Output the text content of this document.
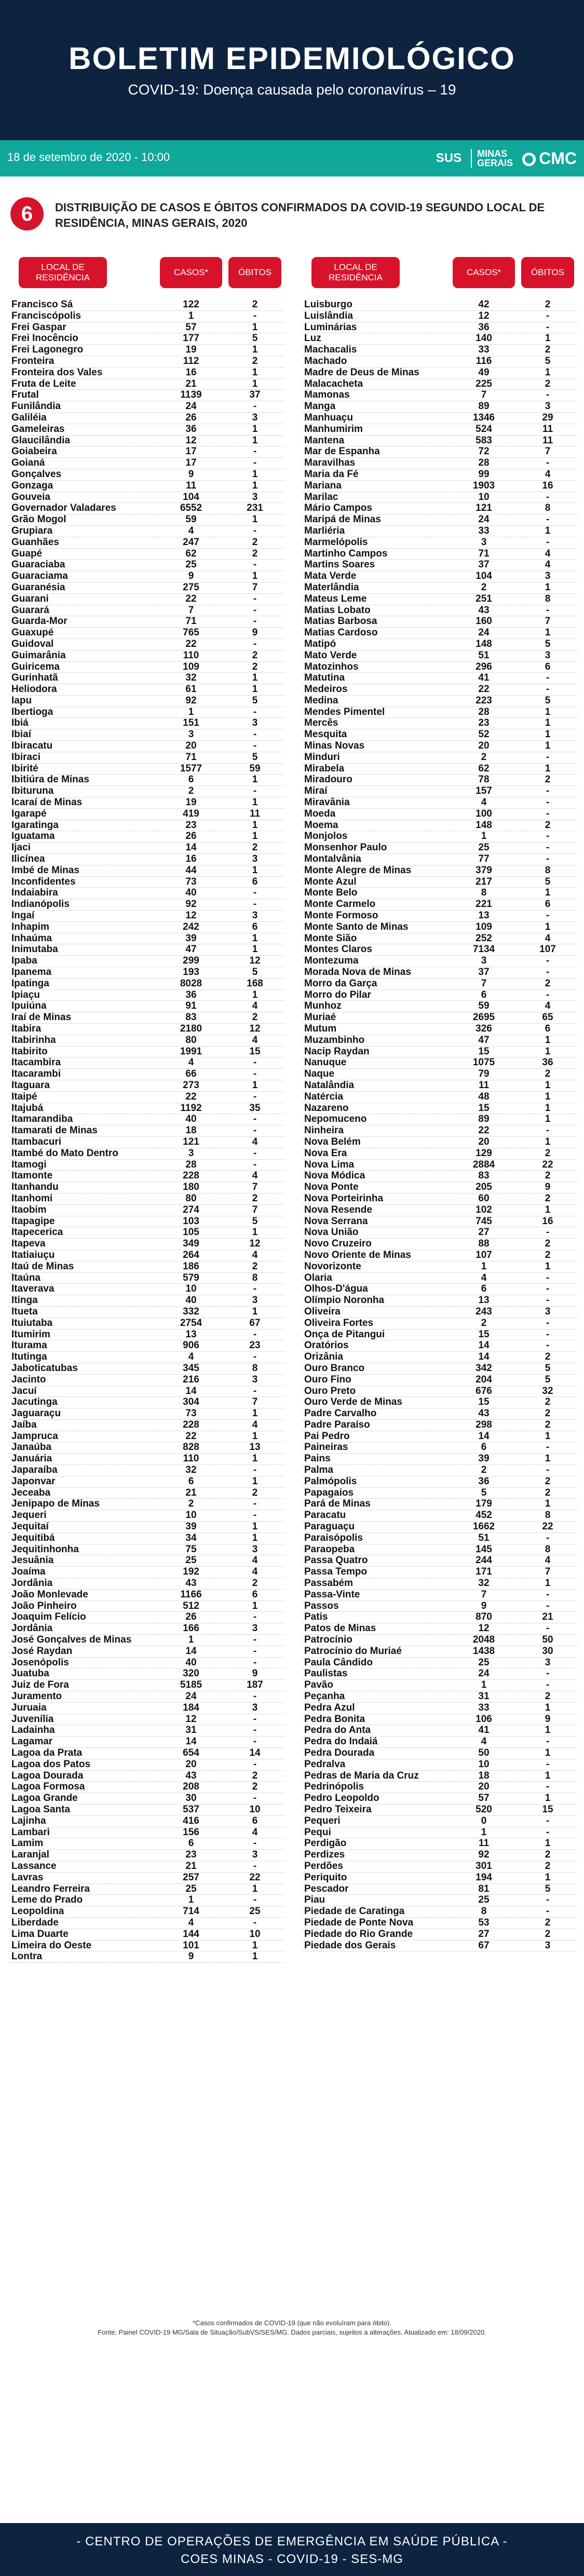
BOLETIM EPIDEMIOLÓGICO
COVID-19: Doença causada pelo coronavírus – 19
18 de setembro de 2020 - 10:00	SUS	MINAS
GERAIS	CMC
6	DISTRIBUIÇÃO DE CASOS E ÓBITOS CONFIRMADOS DA COVID-19 SEGUNDO LOCAL DE RESIDÊNCIA, MINAS GERAIS, 2020
LOCAL DE RESIDÊNCIA
CASOS*	ÓBITOS
Francisco Sá	122	2
Franciscópolis	1	-
Frei Gaspar	57	1
Frei Inocêncio	177	5
Frei Lagonegro	19	1
Fronteira	112	2
Fronteira dos Vales	16	1
Fruta de Leite	21	1
Frutal	1139	37
Funilândia	24	-
Galiléia	26	3
Gameleiras	36	1
Glaucilândia	12	1
Goiabeira	17	-
Goianá	17	-
Gonçalves	9	1
Gonzaga	11	1
Gouveia	104	3
Governador Valadares	6552	231
Grão Mogol	59	1
Grupiara	4	-
Guanhães	247	2
Guapé	62	2
Guaraciaba	25	-
Guaraciama	9	1
Guaranésia	275	7
Guarani	22	-
Guarará	7	-
Guarda-Mor	71	-
Guaxupé	765	9
Guidoval	22	-
Guimarânia	110	2
Guiricema	109	2
Gurinhatã	32	1
Heliodora	61	1
Iapu	92	5
Ibertioga	1	-
Ibiá	151	3
Ibiaí	3	-
Ibiracatu	20	-
Ibiraci	71	5
Ibirité	1577	59
Ibitiúra de Minas	6	1
Ibituruna	2	-
Icaraí de Minas	19	1
Igarapé	419	11
Igaratinga	23	1
Iguatama	26	1
Ijaci	14	2
Ilicínea	16	3
Imbé de Minas	44	1
Inconfidentes	73	6
Indaiabira	40	-
Indianópolis	92	-
Ingaí	12	3
Inhapim	242	6
Inhaúma	39	1
Inimutaba	47	1
Ipaba	299	12
Ipanema	193	5
Ipatinga	8028	168
Ipiaçu	36	1
Ipuiúna	91	4
Iraí de Minas	83	2
Itabira	2180	12
Itabirinha	80	4
Itabirito	1991	15
Itacambira	4	-
Itacarambi	66	-
Itaguara	273	1
Itaipé	22	-
Itajubá	1192	35
Itamarandiba	40	-
Itamarati de Minas	18	-
Itambacuri	121	4
Itambé do Mato Dentro	3	-
Itamogi	28	-
Itamonte	228	4
Itanhandu	180	7
Itanhomi	80	2
Itaobim	274	7
Itapagipe	103	5
Itapecerica	105	1
Itapeva	349	12
Itatiaiuçu	264	4
Itaú de Minas	186	2
Itaúna	579	8
Itaverava	10	-
Itinga	40	3
Itueta	332	1
Ituiutaba	2754	67
Itumirim	13	-
Iturama	906	23
Itutinga	4	-
Jaboticatubas	345	8
Jacinto	216	3
Jacuí	14	-
Jacutinga	304	7
Jaguaraçu	73	1
Jaíba	228	4
Jampruca	22	1
Janaúba	828	13
Januária	110	1
Japaraíba	32	-
Japonvar	6	1
Jeceaba	21	2
Jenipapo de Minas	2	-
Jequeri	10	-
Jequitaí	39	1
Jequitibá	34	1
Jequitinhonha	75	3
Jesuânia	25	4
Joaíma	192	4
Jordânia	43	2
João Monlevade	1166	6
João Pinheiro	512	1
Joaquim Felício	26	-
Jordânia	166	3
José Gonçalves de Minas	1	-
José Raydan	14	-
Josenópolis	40	-
Juatuba	320	9
Juiz de Fora	5185	187
Juramento	24	-
Juruaia	184	3
Juvenília	12	-
Ladainha	31	-
Lagamar	14	-
Lagoa da Prata	654	14
Lagoa dos Patos	20	-
Lagoa Dourada	43	2
Lagoa Formosa	208	2
Lagoa Grande	30	-
Lagoa Santa	537	10
Lajinha	416	6
Lambari	156	4
Lamim	6	-
Laranjal	23	3
Lassance	21	-
Lavras	257	22
Leandro Ferreira	25	1
Leme do Prado	1	-
Leopoldina	714	25
Liberdade	4	-
Lima Duarte	144	10
Limeira do Oeste	101	1
Lontra	9	1
LOCAL DE RESIDÊNCIA
CASOS*	ÓBITOS
Luisburgo	42	2
Luislândia	12	-
Luminárias	36	-
Luz	140	1
Machacalis	33	2
Machado	116	5
Madre de Deus de Minas	49	1
Malacacheta	225	2
Mamonas	7	-
Manga	89	3
Manhuaçu	1346	29
Manhumirim	524	11
Mantena	583	11
Mar de Espanha	72	7
Maravilhas	28	-
Maria da Fé	99	4
Mariana	1903	16
Marilac	10	-
Mário Campos	121	8
Maripá de Minas	24	-
Marliéria	33	1
Marmelópolis	3	-
Martinho Campos	71	4
Martins Soares	37	4
Mata Verde	104	3
Materlândia	2	1
Mateus Leme	251	8
Matias Lobato	43	-
Matias Barbosa	160	7
Matias Cardoso	24	1
Matipó	148	5
Mato Verde	51	3
Matozinhos	296	6
Matutina	41	-
Medeiros	22	-
Medina	223	5
Mendes Pimentel	28	1
Mercês	23	1
Mesquita	52	1
Minas Novas	20	1
Minduri	2	-
Mirabela	62	1
Miradouro	78	2
Miraí	157	-
Miravânia	4	-
Moeda	100	-
Moema	148	2
Monjolos	1	-
Monsenhor Paulo	25	-
Montalvânia	77	-
Monte Alegre de Minas	379	8
Monte Azul	217	5
Monte Belo	8	1
Monte Carmelo	221	6
Monte Formoso	13	-
Monte Santo de Minas	109	1
Monte Sião	252	4
Montes Claros	7134	107
Montezuma	3	-
Morada Nova de Minas	37	-
Morro da Garça	7	2
Morro do Pilar	6	-
Munhoz	59	4
Muriaé	2695	65
Mutum	326	6
Muzambinho	47	1
Nacip Raydan	15	1
Nanuque	1075	36
Naque	79	2
Natalândia	11	1
Natércia	48	1
Nazareno	15	1
Nepomuceno	89	1
Ninheira	22	-
Nova Belém	20	1
Nova Era	129	2
Nova Lima	2884	22
Nova Módica	83	2
Nova Ponte	205	9
Nova Porteirinha	60	2
Nova Resende	102	1
Nova Serrana	745	16
Nova União	27	-
Novo Cruzeiro	88	2
Novo Oriente de Minas	107	2
Novorizonte	1	1
Olaria	4	-
Olhos-D'água	6	-
Olímpio Noronha	13	-
Oliveira	243	3
Oliveira Fortes	2	-
Onça de Pitangui	15	-
Oratórios	14	-
Orizânia	14	2
Ouro Branco	342	5
Ouro Fino	204	5
Ouro Preto	676	32
Ouro Verde de Minas	15	2
Padre Carvalho	43	2
Padre Paraíso	298	2
Pai Pedro	14	1
Paineiras	6	-
Pains	39	1
Palma	2	-
Palmópolis	36	2
Papagaios	5	2
Pará de Minas	179	1
Paracatu	452	8
Paraguaçu	1662	22
Paraisópolis	51	-
Paraopeba	145	8
Passa Quatro	244	4
Passa Tempo	171	7
Passabém	32	1
Passa-Vinte	7	-
Passos	9	-
Patis	870	21
Patos de Minas	12	-
Patrocínio	2048	50
Patrocínio do Muriaé	1438	30
Paula Cândido	25	3
Paulistas	24	-
Pavão	1	-
Peçanha	31	2
Pedra Azul	33	1
Pedra Bonita	106	9
Pedra do Anta	41	1
Pedra do Indaiá	4	-
Pedra Dourada	50	1
Pedralva	10	-
Pedras de Maria da Cruz	18	1
Pedrinópolis	20	-
Pedro Leopoldo	57	1
Pedro Teixeira	520	15
Pequeri	0	-
Pequi	1	-
Perdigão	11	1
Perdizes	92	2
Perdões	301	2
Periquito	194	1
Pescador	81	5
Piau	25	-
Piedade de Caratinga	8	-
Piedade de Ponte Nova	53	2
Piedade do Rio Grande	27	2
Piedade dos Gerais	67	3
*Casos confirmados de COVID-19 (que não evoluíram para óbito).
Fonte: Painel COVID-19 MG/Sala de Situação/SubVS/SES/MG. Dados parciais, sujeitos a alterações. Atualizado em: 18/09/2020.
- CENTRO DE OPERAÇÕES DE EMERGÊNCIA EM SAÚDE PÚBLICA -
COES MINAS - COVID-19 - SES-MG
